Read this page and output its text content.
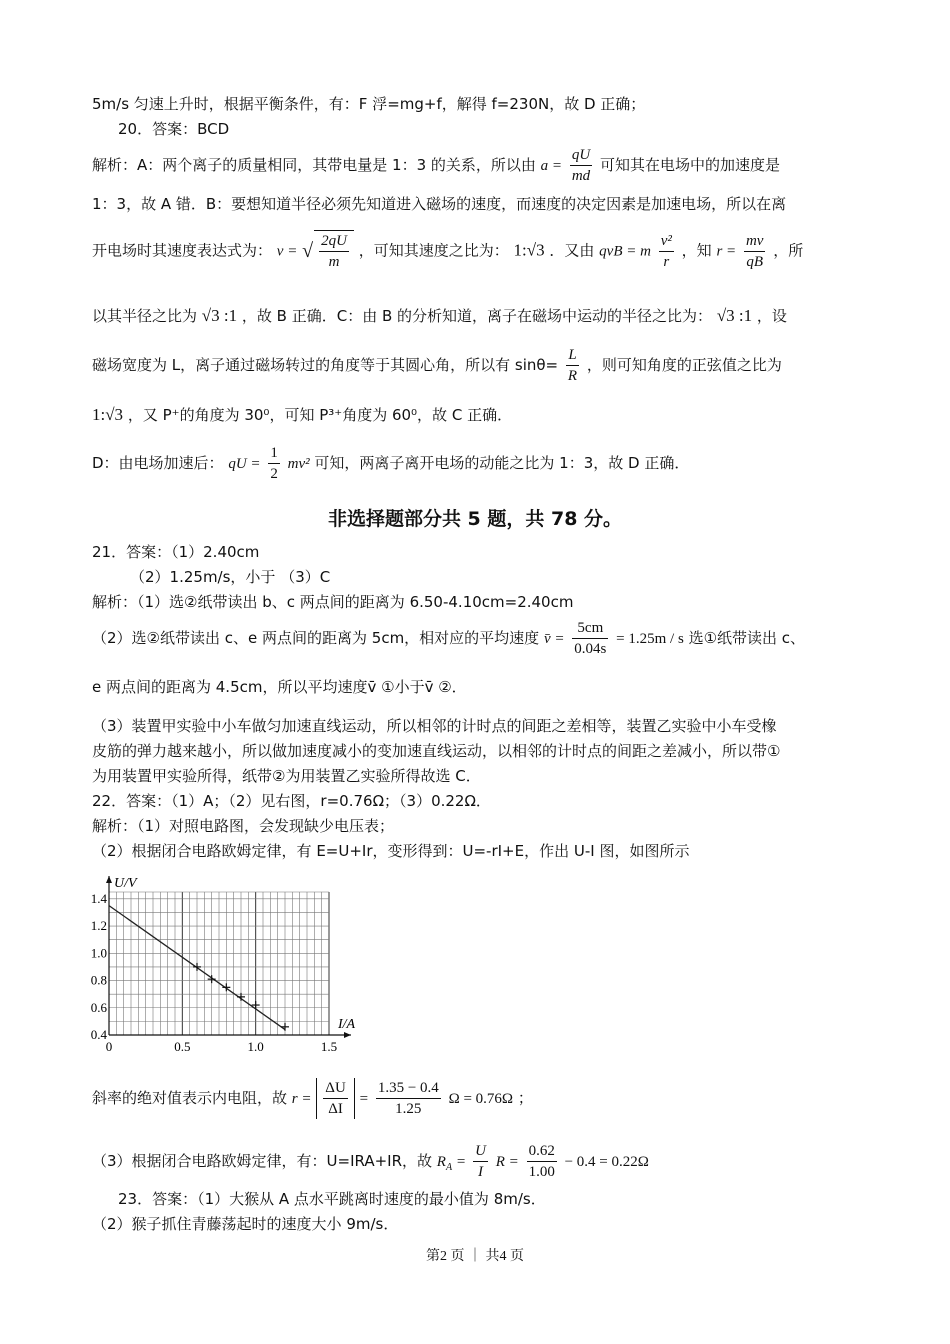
5m/s 匀速上升时，根据平衡条件，有：F 浮=mg+f，解得 f=230N，故 D 正确；
20．答案：BCD
解析：A：两个离子的质量相同，其带电量是 1：3 的关系，所以由 $a = \frac{qU}{md}$ 可知其在电场中的加速度是
1：3，故 A 错．B：要想知道半径必须先知道进入磁场的速度，而速度的决定因素是加速电场，所以在离
开电场时其速度表达式为： v = √ $\frac{2qU}{m}$ ，可知其速度之比为： 1:√3 ．又由 qvB = m $\frac{\text{v²}}{r}$ ，知 $r = \frac{mv}{qB}$ ，所
以其半径之比为 √3 :1 ，故 B 正确．C：由 B 的分析知道，离子在磁场中运动的半径之比为： √3 :1 ，设
磁场宽度为 L，离子通过磁场转过的角度等于其圆心角，所以有 $\sin\theta= \frac{L}{R}$ ，则可知角度的正弦值之比为
1:√3 ，又 P⁺的角度为 30⁰，可知 P³⁺角度为 60⁰，故 C 正确．
D：由电场加速后： qU = $\frac{1}{2} mv^2$ 可知，两离子离开电场的动能之比为 1：3，故 D 正确．
非选择题部分共 5 题，共 78 分。
21．答案：（1）2.40cm
（2）1.25m/s，小于 （3）C
解析：（1）选②纸带读出 b、c 两点间的距离为 6.50-4.10cm=2.40cm
（2）选②纸带读出 c、e 两点间的距离为 5cm，相对应的平均速度 v̄ = $\frac{5cm}{0.04s} = 1.25m / s$ 选①纸带读出 c、
e 两点间的距离为 4.5cm，所以平均速度v̄ ①小于v̄ ②．
（3）装置甲实验中小车做匀加速直线运动，所以相邻的计时点的间距之差相等，装置乙实验中小车受橡
皮筋的弹力越来越小，所以做加速度减小的变加速直线运动，以相邻的计时点的间距之差减小，所以带①
为用装置甲实验所得，纸带②为用装置乙实验所得故选 C．
22．答案：（1）A；（2）见右图，r=0.76Ω；（3）0.22Ω．
解析：（1）对照电路图，会发现缺少电压表；
（2）根据闭合电路欧姆定律，有 E=U+Ir，变形得到：U=-rI+E，作出 U-I 图，如图所示
0	0.5	1.0	1.5
0.4
0.6
0.8
1.0
1.2
1.4
U/V
I/A
斜率的绝对值表示内电阻，故 $r = \frac{\Delta U}{\Delta I} = \frac{1.35 - 0.4}{1.25}$ Ω = 0.76Ω ；
（3）根据闭合电路欧姆定律，有：U=IRA+IR，故 $R_A = \frac{U}{I}$ $R = \frac{0.62}{1.00} - 0.4 = 0.22\Omega$
23．答案：（1）大猴从 A 点水平跳离时速度的最小值为 8m/s．
（2）猴子抓住青藤荡起时的速度大小 9m/s．
第2 页 ｜ 共4 页
